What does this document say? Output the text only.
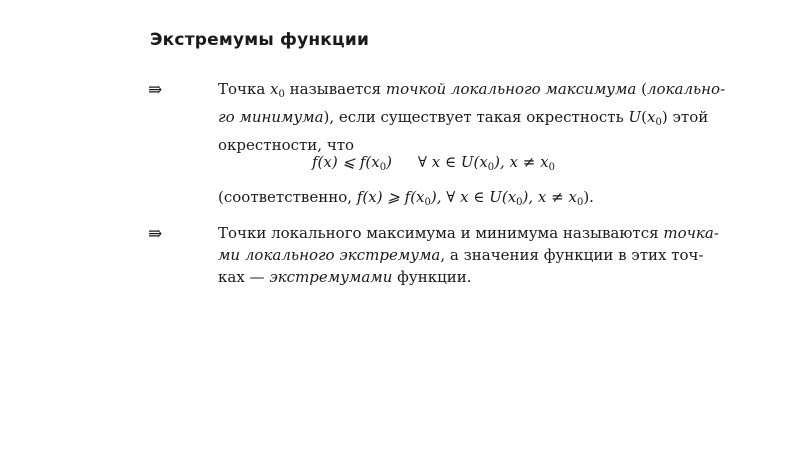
Экстремумы функции
⇛	Точка $x_0$ называется точкой локального максимума (локально-
го минимума), если существует такая окрестность $U(x_0)$ этой
окрестности, что
f(x) ⩽ $f(x_0)$ ∀ x ∈ $U(x_0)$, $x \ne x_0$
(соответственно, f(x) ⩾ $f(x_0)$, ∀ x ∈ $U(x_0)$, $x \ne x_0$).
⇛	Точки локального максимума и минимума называются точка-
ми локального экстремума, а значения функции в этих точ-
ках — экстремумами функции.
